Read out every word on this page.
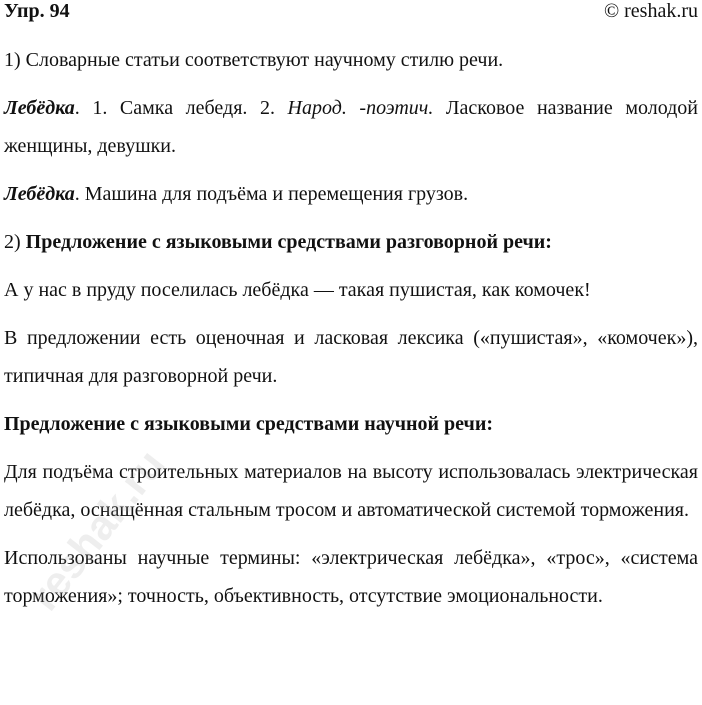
Упр. 94	© reshak.ru

1) Словарные статьи соответствуют научному стилю речи.

Лебёдка. 1. Самка лебедя. 2. Народ. -поэтич. Ласковое название молодой женщины, девушки.

Лебёдка. Машина для подъёма и перемещения грузов.

2) Предложение с языковыми средствами разговорной речи:

А у нас в пруду поселилась лебёдка — такая пушистая, как комочек!

В предложении есть оценочная и ласковая лексика («пушистая», «комочек»), типичная для разговорной речи.

Предложение с языковыми средствами научной речи:

Для подъёма строительных материалов на высоту использовалась электрическая лебёдка, оснащённая стальным тросом и автоматической системой торможения.

Использованы научные термины: «электрическая лебёдка», «трос», «система торможения»; точность, объективность, отсутствие эмоциональности.

reshak.ru
